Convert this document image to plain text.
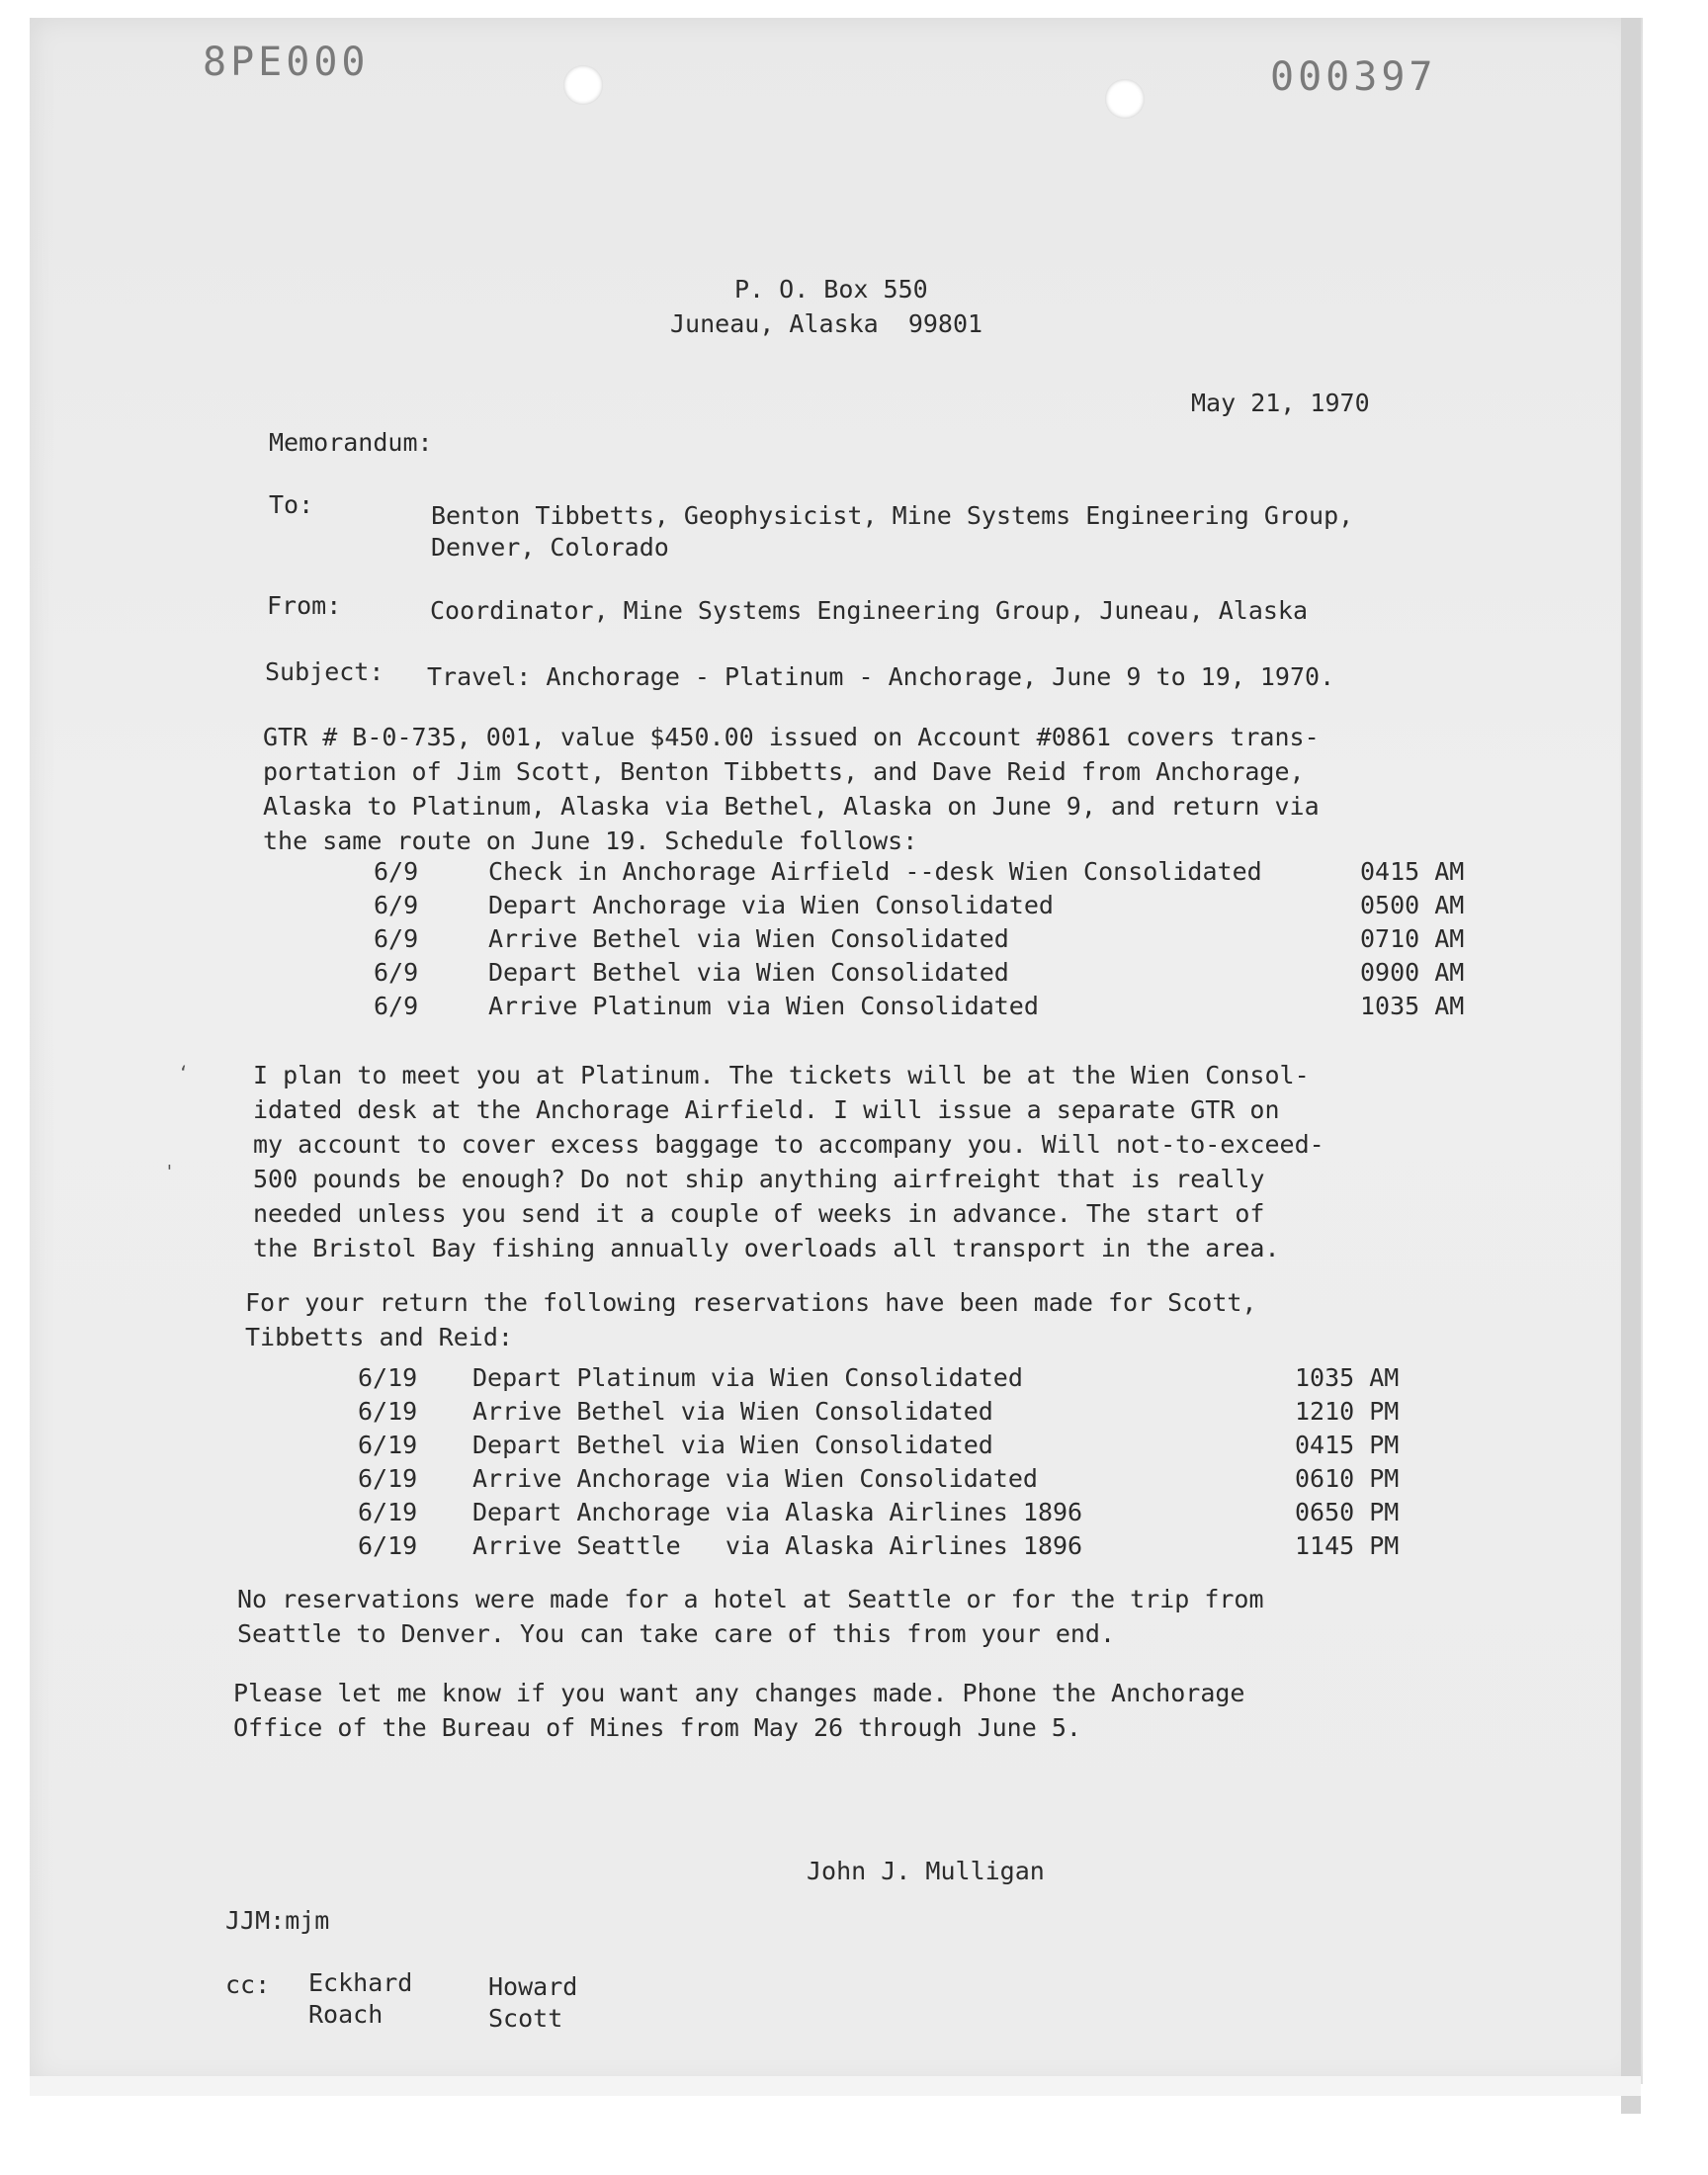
8PE000	000397
P. O. Box 550
Juneau, Alaska  99801
May 21, 1970
Memorandum:
To:	Benton Tibbetts, Geophysicist, Mine Systems Engineering Group,
Denver, Colorado
From:	Coordinator, Mine Systems Engineering Group, Juneau, Alaska
Subject: Travel: Anchorage - Platinum - Anchorage, June 9 to 19, 1970.
GTR # B-0-735, 001, value $450.00 issued on Account #0861 covers trans-
portation of Jim Scott, Benton Tibbetts, and Dave Reid from Anchorage,
Alaska to Platinum, Alaska via Bethel, Alaska on June 9, and return via
the same route on June 19. Schedule follows:
6/9	Check in Anchorage Airfield --desk Wien Consolidated	0415 AM
6/9	Depart Anchorage via Wien Consolidated	0500 AM
6/9	Arrive Bethel via Wien Consolidated	0710 AM
6/9	Depart Bethel via Wien Consolidated	0900 AM
6/9	Arrive Platinum via Wien Consolidated	1035 AM
‘
'
I plan to meet you at Platinum. The tickets will be at the Wien Consol-
idated desk at the Anchorage Airfield. I will issue a separate GTR on
my account to cover excess baggage to accompany you. Will not-to-exceed-
500 pounds be enough? Do not ship anything airfreight that is really
needed unless you send it a couple of weeks in advance. The start of
the Bristol Bay fishing annually overloads all transport in the area.
For your return the following reservations have been made for Scott,
Tibbetts and Reid:
6/19 Depart Platinum via Wien Consolidated	1035 AM
6/19 Arrive Bethel via Wien Consolidated	1210 PM
6/19 Depart Bethel via Wien Consolidated	0415 PM
6/19 Arrive Anchorage via Wien Consolidated	0610 PM
6/19 Depart Anchorage via Alaska Airlines 1896	0650 PM
6/19 Arrive Seattle   via Alaska Airlines 1896	1145 PM
No reservations were made for a hotel at Seattle or for the trip from
Seattle to Denver. You can take care of this from your end.
Please let me know if you want any changes made. Phone the Anchorage
Office of the Bureau of Mines from May 26 through June 5.
John J. Mulligan
JJM:mjm
cc: Eckhard
Roach
Howard
Scott
